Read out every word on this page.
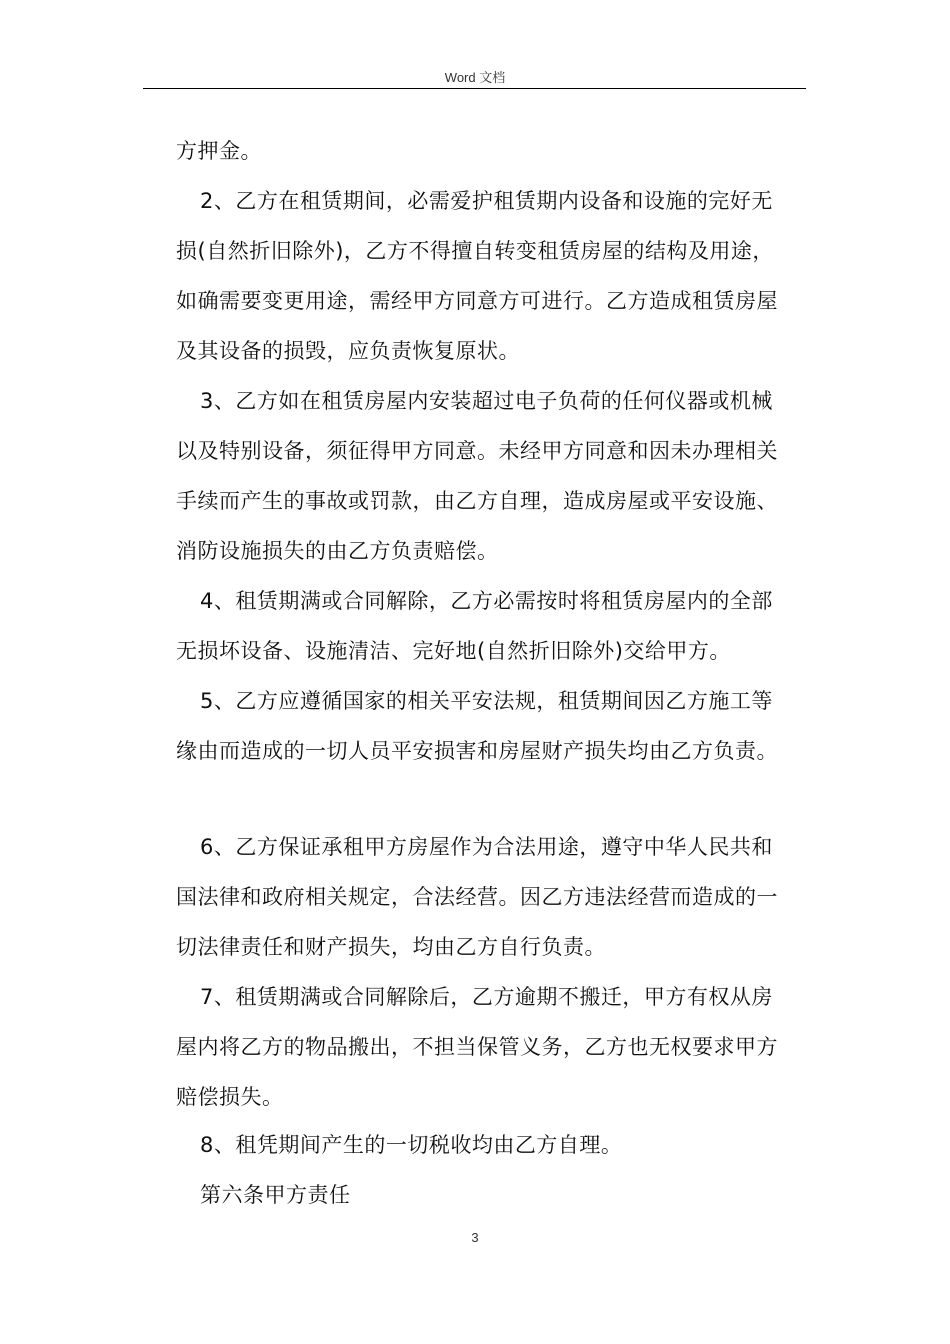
Word 文档
方押金。
2、乙方在租赁期间，必需爱护租赁期内设备和设施的完好无
损(自然折旧除外)，乙方不得擅自转变租赁房屋的结构及用途，
如确需要变更用途，需经甲方同意方可进行。乙方造成租赁房屋
及其设备的损毁，应负责恢复原状。
3、乙方如在租赁房屋内安装超过电子负荷的任何仪器或机械
以及特别设备，须征得甲方同意。未经甲方同意和因未办理相关
手续而产生的事故或罚款，由乙方自理，造成房屋或平安设施、
消防设施损失的由乙方负责赔偿。
4、租赁期满或合同解除，乙方必需按时将租赁房屋内的全部
无损坏设备、设施清洁、完好地(自然折旧除外)交给甲方。
5、乙方应遵循国家的相关平安法规，租赁期间因乙方施工等
缘由而造成的一切人员平安损害和房屋财产损失均由乙方负责。
6、乙方保证承租甲方房屋作为合法用途，遵守中华人民共和
国法律和政府相关规定，合法经营。因乙方违法经营而造成的一
切法律责任和财产损失，均由乙方自行负责。
7、租赁期满或合同解除后，乙方逾期不搬迁，甲方有权从房
屋内将乙方的物品搬出，不担当保管义务，乙方也无权要求甲方
赔偿损失。
8、租凭期间产生的一切税收均由乙方自理。
第六条甲方责任
3
